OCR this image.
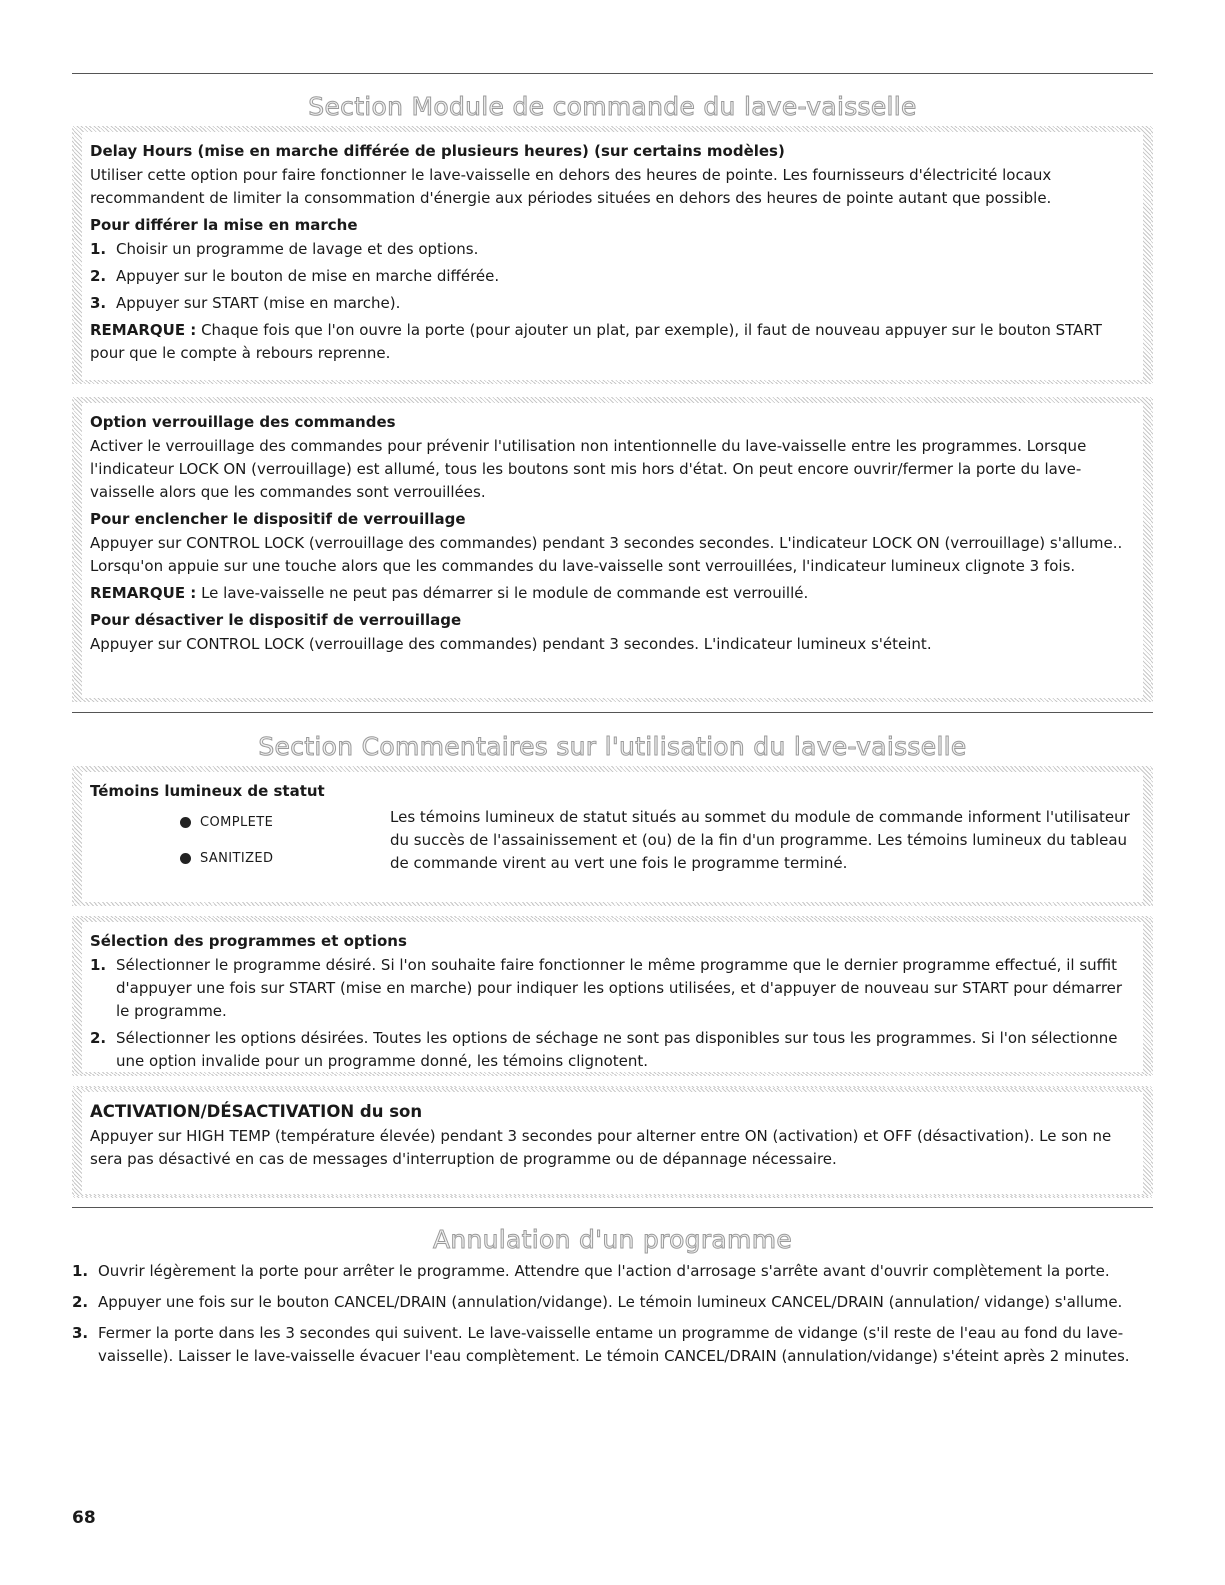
Section Module de commande du lave-vaisselle
Delay Hours (mise en marche différée de plusieurs heures) (sur certains modèles)

Utiliser cette option pour faire fonctionner le lave-vaisselle en dehors des heures de pointe. Les fournisseurs d'électricité locaux recommandent de limiter la consommation d'énergie aux périodes situées en dehors des heures de pointe autant que possible.

Pour différer la mise en marche
1. Choisir un programme de lavage et des options.
2. Appuyer sur le bouton de mise en marche différée.
3. Appuyer sur START (mise en marche).

REMARQUE : Chaque fois que l'on ouvre la porte (pour ajouter un plat, par exemple), il faut de nouveau appuyer sur le bouton START pour que le compte à rebours reprenne.

Option verrouillage des commandes

Activer le verrouillage des commandes pour prévenir l'utilisation non intentionnelle du lave-vaisselle entre les programmes. Lorsque l'indicateur LOCK ON (verrouillage) est allumé, tous les boutons sont mis hors d'état. On peut encore ouvrir/fermer la porte du lave-vaisselle alors que les commandes sont verrouillées.

Pour enclencher le dispositif de verrouillage

Appuyer sur CONTROL LOCK (verrouillage des commandes) pendant 3 secondes secondes. L'indicateur LOCK ON (verrouillage) s'allume.. Lorsqu'on appuie sur une touche alors que les commandes du lave-vaisselle sont verrouillées, l'indicateur lumineux clignote 3 fois.

REMARQUE : Le lave-vaisselle ne peut pas démarrer si le module de commande est verrouillé.

Pour désactiver le dispositif de verrouillage

Appuyer sur CONTROL LOCK (verrouillage des commandes) pendant 3 secondes. L'indicateur lumineux s'éteint.

Section Commentaires sur l'utilisation du lave-vaisselle
Témoins lumineux de statut
COMPLETE
SANITIZED
Les témoins lumineux de statut situés au sommet du module de commande informent l'utilisateur du succès de l'assainissement et (ou) de la fin d'un programme. Les témoins lumineux du tableau de commande virent au vert une fois le programme terminé.
Sélection des programmes et options
1. Sélectionner le programme désiré. Si l'on souhaite faire fonctionner le même programme que le dernier programme effectué, il suffit d'appuyer une fois sur START (mise en marche) pour indiquer les options utilisées, et d'appuyer de nouveau sur START pour démarrer le programme.
2. Sélectionner les options désirées. Toutes les options de séchage ne sont pas disponibles sur tous les programmes. Si l'on sélectionne une option invalide pour un programme donné, les témoins clignotent.
ACTIVATION/DÉSACTIVATION du son

Appuyer sur HIGH TEMP (température élevée) pendant 3 secondes pour alterner entre ON (activation) et OFF (désactivation). Le son ne sera pas désactivé en cas de messages d'interruption de programme ou de dépannage nécessaire.

Annulation d'un programme
1. Ouvrir légèrement la porte pour arrêter le programme. Attendre que l'action d'arrosage s'arrête avant d'ouvrir complètement la porte.
2. Appuyer une fois sur le bouton CANCEL/DRAIN (annulation/vidange). Le témoin lumineux CANCEL/DRAIN (annulation/ vidange) s'allume.
3. Fermer la porte dans les 3 secondes qui suivent. Le lave-vaisselle entame un programme de vidange (s'il reste de l'eau au fond du lave-vaisselle). Laisser le lave-vaisselle évacuer l'eau complètement. Le témoin CANCEL/DRAIN (annulation/vidange) s'éteint après 2 minutes.
68
